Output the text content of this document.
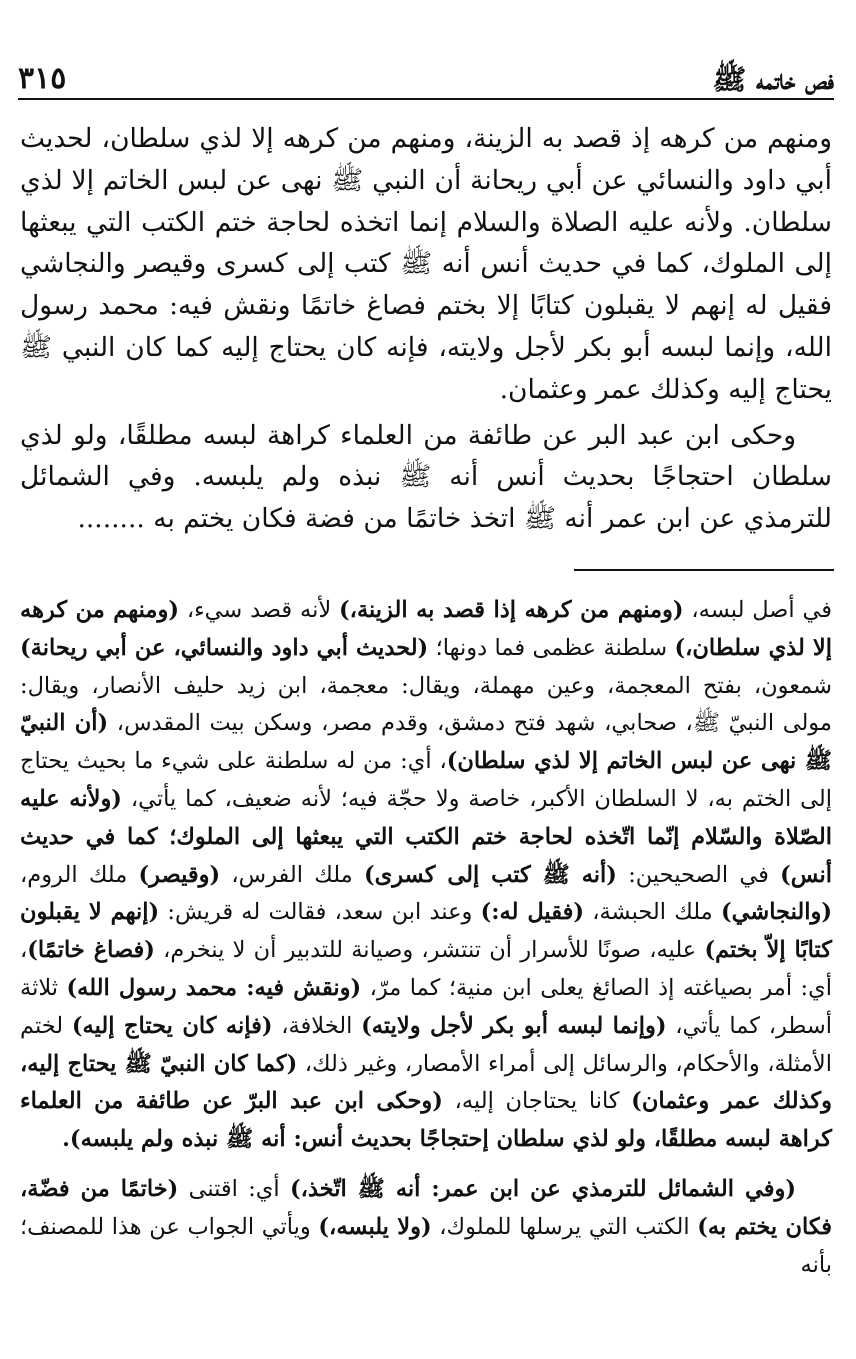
فص خاتمه ﷺ
٣١٥

ومنهم من كرهه إذ قصد به الزينة، ومنهم من كرهه إلا لذي سلطان، لحديث أبي داود والنسائي عن أبي ريحانة أن النبي ﷺ نهى عن لبس الخاتم إلا لذي سلطان. ولأنه عليه الصلاة والسلام إنما اتخذه لحاجة ختم الكتب التي يبعثها إلى الملوك، كما في حديث أنس أنه ﷺ كتب إلى كسرى وقيصر والنجاشي فقيل له إنهم لا يقبلون كتابًا إلا بختم فصاغ خاتمًا ونقش فيه: محمد رسول الله، وإنما لبسه أبو بكر لأجل ولايته، فإنه كان يحتاج إليه كما كان النبي ﷺ يحتاج إليه وكذلك عمر وعثمان.

وحكى ابن عبد البر عن طائفة من العلماء كراهة لبسه مطلقًا، ولو لذي سلطان احتجاجًا بحديث أنس أنه ﷺ نبذه ولم يلبسه. وفي الشمائل للترمذي عن ابن عمر أنه ﷺ اتخذ خاتمًا من فضة فكان يختم به ........

في أصل لبسه، (ومنهم من كرهه إذا قصد به الزينة،) لأنه قصد سيء، (ومنهم من كرهه إلا لذي سلطان،) سلطنة عظمى فما دونها؛ (لحديث أبي داود والنسائي، عن أبي ريحانة) شمعون، بفتح المعجمة، وعين مهملة، ويقال: معجمة، ابن زيد حليف الأنصار، ويقال: مولى النبيّ ﷺ، صحابي، شهد فتح دمشق، وقدم مصر، وسكن بيت المقدس، (أن النبيّ ﷺ نهى عن لبس الخاتم إلا لذي سلطان)، أي: من له سلطنة على شيء ما بحيث يحتاج إلى الختم به، لا السلطان الأكبر، خاصة ولا حجّة فيه؛ لأنه ضعيف، كما يأتي، (ولأنه عليه الصّلاة والسّلام إنّما اتّخذه لحاجة ختم الكتب التي يبعثها إلى الملوك؛ كما في حديث أنس) في الصحيحين: (أنه ﷺ كتب إلى كسرى) ملك الفرس، (وقيصر) ملك الروم، (والنجاشي) ملك الحبشة، (فقيل له:) وعند ابن سعد، فقالت له قريش: (إنهم لا يقبلون كتابًا إلاّ بختم) عليه، صونًا للأسرار أن تنتشر، وصيانة للتدبير أن لا ينخرم، (فصاغ خاتمًا)، أي: أمر بصياغته إذ الصائغ يعلى ابن منية؛ كما مرّ، (ونقش فيه: محمد رسول الله) ثلاثة أسطر، كما يأتي، (وإنما لبسه أبو بكر لأجل ولايته) الخلافة، (فإنه كان يحتاج إليه) لختم الأمثلة، والأحكام، والرسائل إلى أمراء الأمصار، وغير ذلك، (كما كان النبيّ ﷺ يحتاج إليه، وكذلك عمر وعثمان) كانا يحتاجان إليه، (وحكى ابن عبد البرّ عن طائفة من العلماء كراهة لبسه مطلقًا، ولو لذي سلطان إحتجاجًا بحديث أنس: أنه ﷺ نبذه ولم يلبسه).

(وفي الشمائل للترمذي عن ابن عمر: أنه ﷺ اتّخذ،) أي: اقتنى (خاتمًا من فضّة، فكان يختم به) الكتب التي يرسلها للملوك، (ولا يلبسه،) ويأتي الجواب عن هذا للمصنف؛ بأنه
